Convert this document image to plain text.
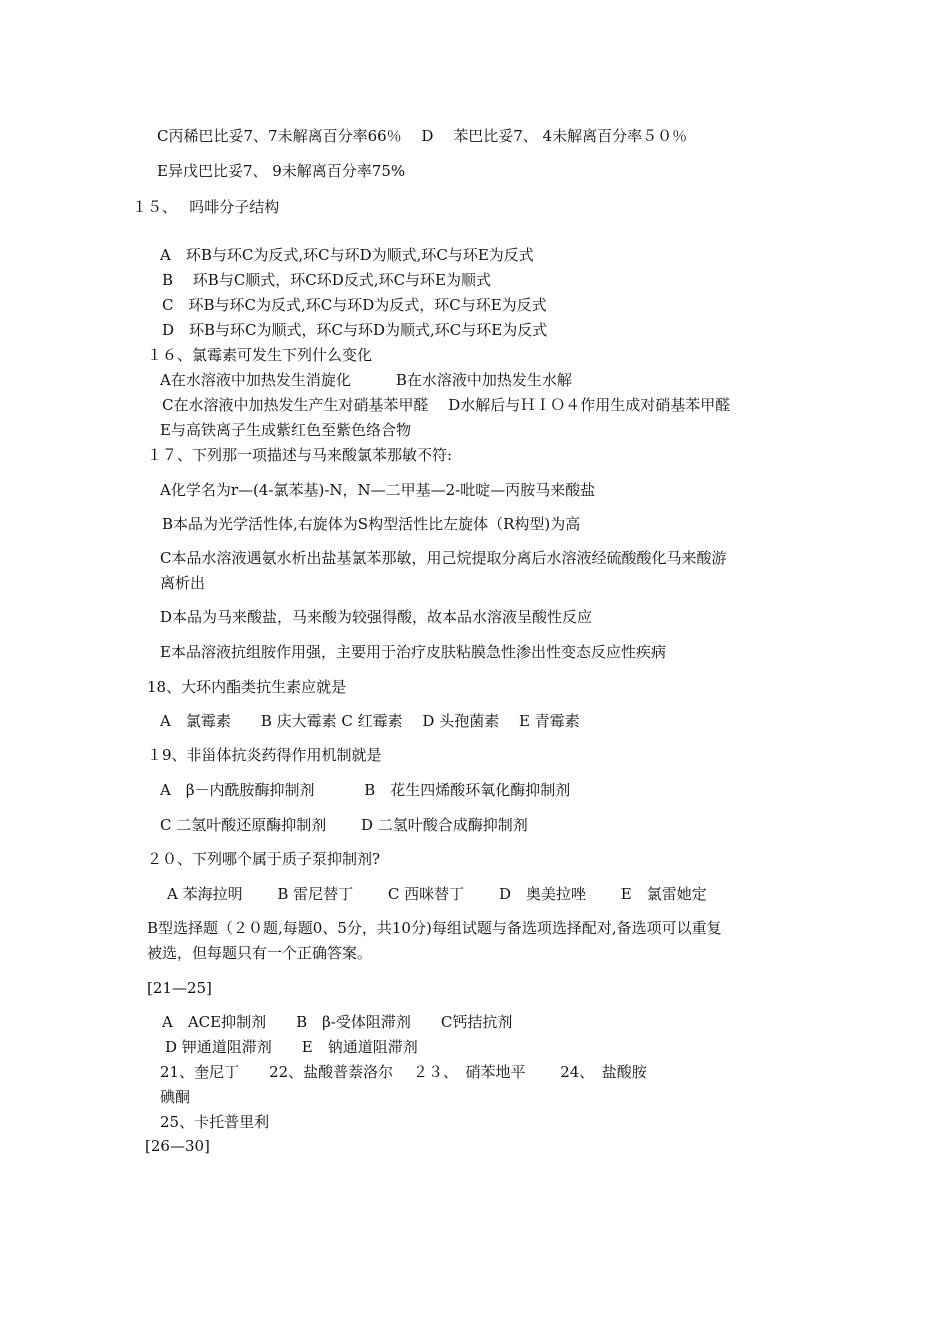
C丙稀巴比妥7、7未解离百分率66％　 D　 苯巴比妥7、 4未解离百分率５０％
E异戊巴比妥7、 9未解离百分率75%
１５、　 吗啡分子结构
A　环B与环C为反式,环C与环D为顺式,环C与环E为反式
B　 环B与C顺式，环C环D反式,环C与环E为顺式
C　环B与环C为反式,环C与环D为反式，环C与环E为反式
D　环B与环C为顺式，环C与环D为顺式,环C与环E为反式
１６、氯霉素可发生下列什么变化
A在水溶液中加热发生消旋化　　　B在水溶液中加热发生水解
C在水溶液中加热发生产生对硝基苯甲醛　 D水解后与ＨＩＯ４作用生成对硝基苯甲醛
E与高铁离子生成紫红色至紫色络合物
１７、下列那一项描述与马来酸氯苯那敏不符:
A化学名为r—(4-氯苯基)-N，N—二甲基—2-吡啶—丙胺马来酸盐
B本品为光学活性体,右旋体为S构型活性比左旋体（R构型)为高
C本品水溶液遇氨水析出盐基氯苯那敏，用己烷提取分离后水溶液经硫酸酸化马来酸游
离析出
D本品为马来酸盐，马来酸为较强得酸，故本品水溶液呈酸性反应
E本品溶液抗组胺作用强，主要用于治疗皮肤粘膜急性渗出性变态反应性疾病
18、大环内酯类抗生素应就是
A　氯霉素　　B 庆大霉素 C 红霉素　 D 头孢菌素　 E 青霉素
１9、非甾体抗炎药得作用机制就是
A　β－内酰胺酶抑制剂　　　 B　花生四烯酸环氧化酶抑制剂
C 二氢叶酸还原酶抑制剂　　 D 二氢叶酸合成酶抑制剂
２０、下列哪个属于质子泵抑制剂?
A 苯海拉明　　 B 雷尼替丁　　 C 西咪替丁　　 D　奥美拉唑　　 E　氯雷她定
B型选择题（２０题,每题0、5分，共10分)每组试题与备选项选择配对,备选项可以重复
被选，但每题只有一个正确答案。
[21—25]
A　ACE抑制剂　　B　β-受体阻滞剂　　C钙拮抗剂
D 钾通道阻滞剂　　E　钠通道阻滞剂
21、奎尼丁　　22、盐酸普萘洛尔　 ２３、　硝苯地平　　 24、　盐酸胺
碘酮
25、卡托普里利
[26—30]
